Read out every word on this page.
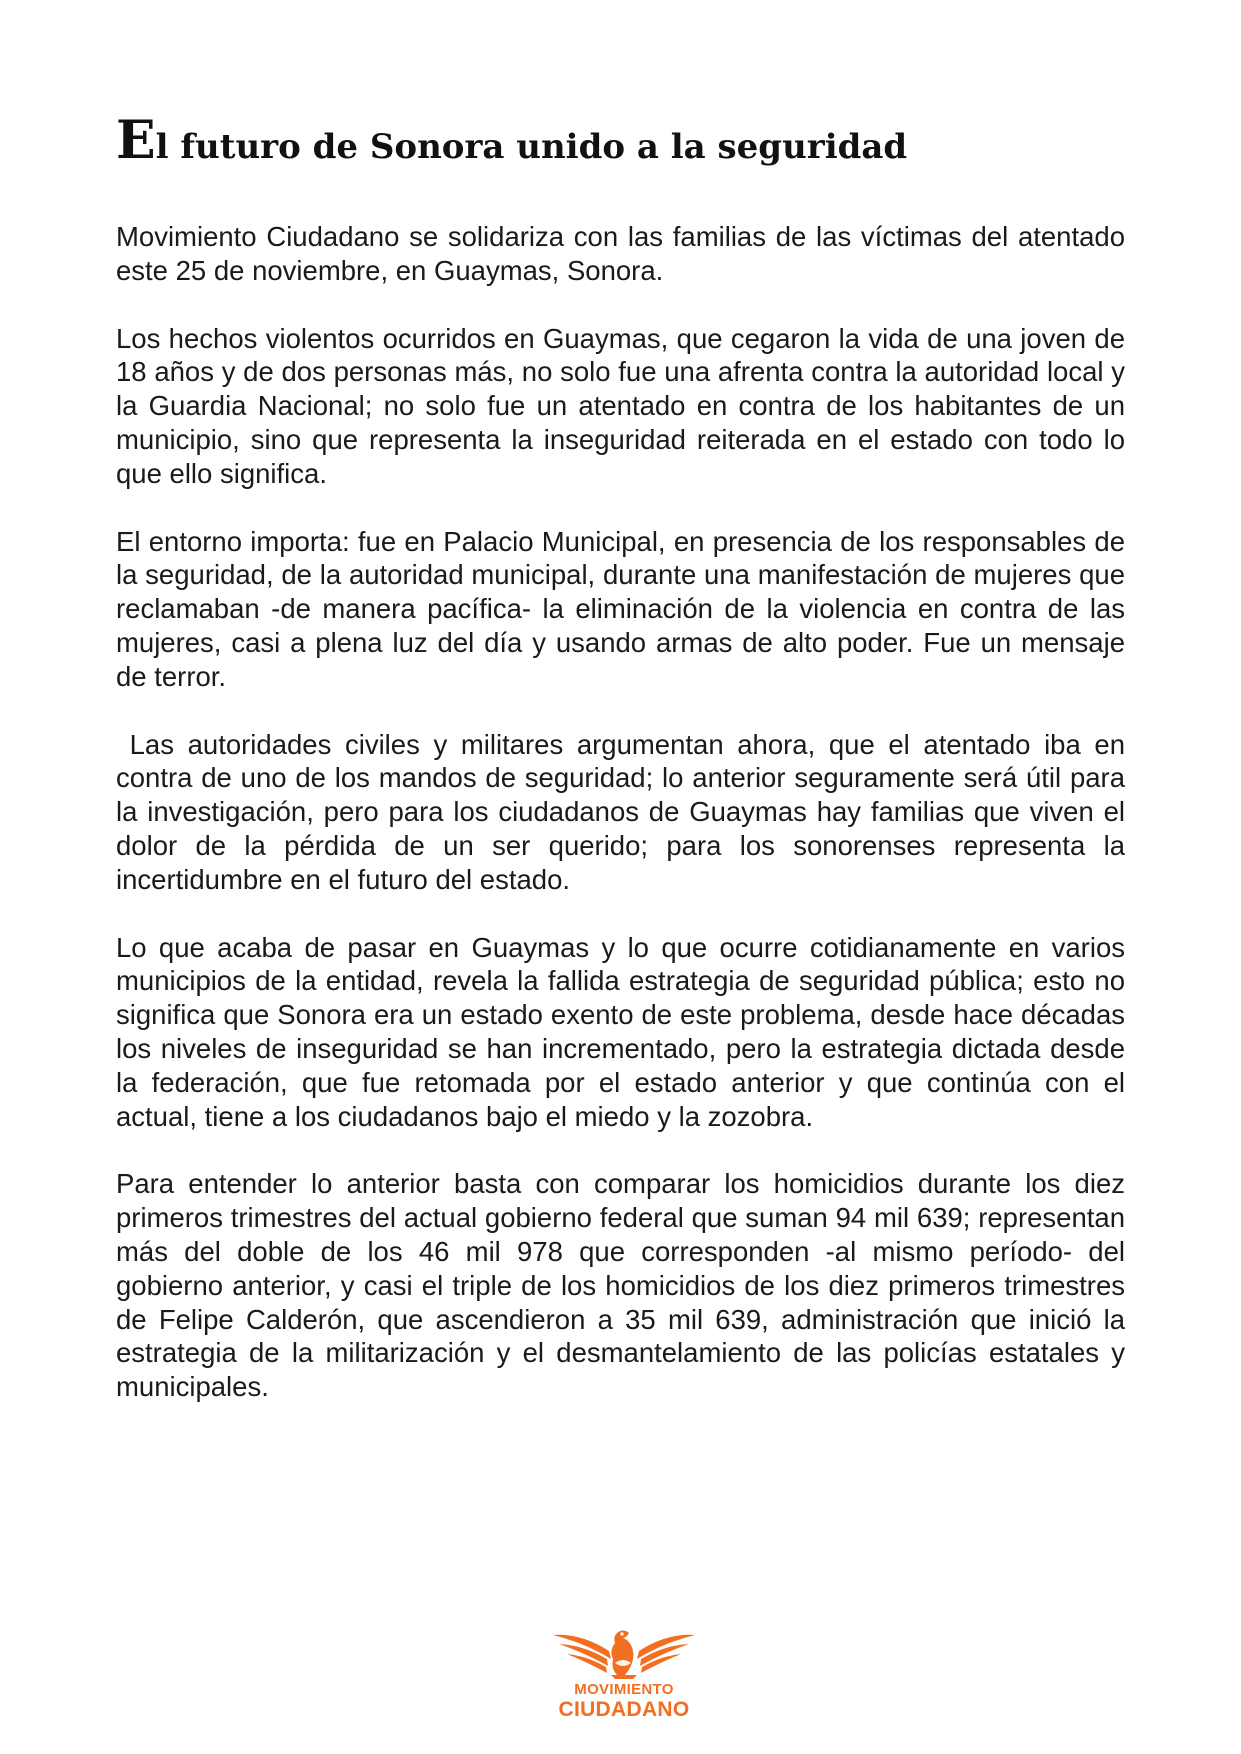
El futuro de Sonora unido a la seguridad

Movimiento Ciudadano se solidariza con las familias de las víctimas del atentado este 25 de noviembre, en Guaymas, Sonora.

Los hechos violentos ocurridos en Guaymas, que cegaron la vida de una joven de 18 años y de dos personas más, no solo fue una afrenta contra la autoridad local y la Guardia Nacional; no solo fue un atentado en contra de los habitantes de un municipio, sino que representa la inseguridad reiterada en el estado con todo lo que ello significa.

El entorno importa: fue en Palacio Municipal, en presencia de los responsables de la seguridad, de la autoridad municipal, durante una manifestación de mujeres que reclamaban -de manera pacífica- la eliminación de la violencia en contra de las mujeres, casi a plena luz del día y usando armas de alto poder. Fue un mensaje de terror.

Las autoridades civiles y militares argumentan ahora, que el atentado iba en contra de uno de los mandos de seguridad; lo anterior seguramente será útil para la investigación, pero para los ciudadanos de Guaymas hay familias que viven el dolor de la pérdida de un ser querido; para los sonorenses representa la incertidumbre en el futuro del estado.

Lo que acaba de pasar en Guaymas y lo que ocurre cotidianamente en varios municipios de la entidad, revela la fallida estrategia de seguridad pública; esto no significa que Sonora era un estado exento de este problema, desde hace décadas los niveles de inseguridad se han incrementado, pero la estrategia dictada desde la federación, que fue retomada por el estado anterior y que continúa con el actual, tiene a los ciudadanos bajo el miedo y la zozobra.

Para entender lo anterior basta con comparar los homicidios durante los diez primeros trimestres del actual gobierno federal que suman 94 mil 639; representan más del doble de los 46 mil 978 que corresponden -al mismo período- del gobierno anterior, y casi el triple de los homicidios de los diez primeros trimestres de Felipe Calderón, que ascendieron a 35 mil 639, administración que inició la estrategia de la militarización y el desmantelamiento de las policías estatales y municipales.

MOVIMIENTO
CIUDADANO
